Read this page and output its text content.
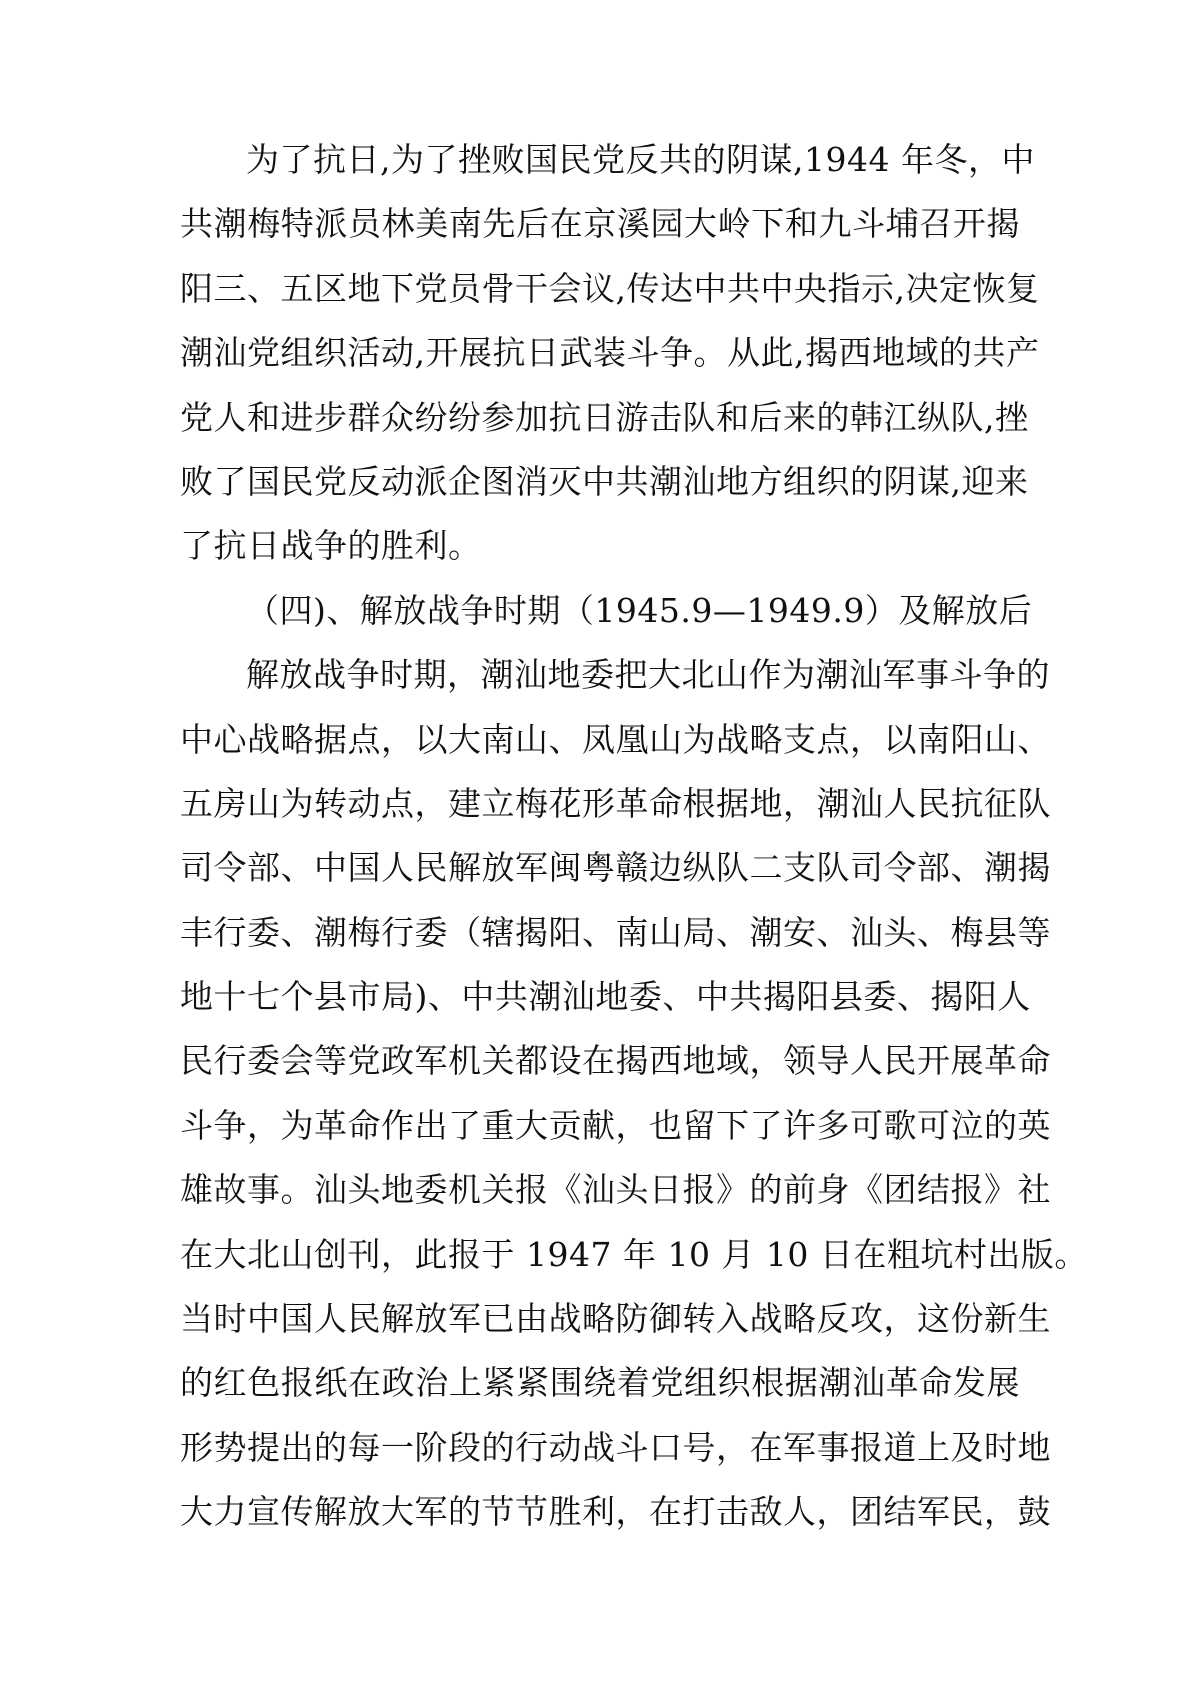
为了抗日,为了挫败国民党反共的阴谋,1944 年冬，中
共潮梅特派员林美南先后在京溪园大岭下和九斗埔召开揭
阳三、五区地下党员骨干会议,传达中共中央指示,决定恢复
潮汕党组织活动,开展抗日武装斗争。从此,揭西地域的共产
党人和进步群众纷纷参加抗日游击队和后来的韩江纵队,挫
败了国民党反动派企图消灭中共潮汕地方组织的阴谋,迎来
了抗日战争的胜利。
（四)、解放战争时期（1945.9—1949.9）及解放后
解放战争时期，潮汕地委把大北山作为潮汕军事斗争的
中心战略据点，以大南山、凤凰山为战略支点，以南阳山、
五房山为转动点，建立梅花形革命根据地，潮汕人民抗征队
司令部、中国人民解放军闽粤赣边纵队二支队司令部、潮揭
丰行委、潮梅行委（辖揭阳、南山局、潮安、汕头、梅县等
地十七个县市局)、中共潮汕地委、中共揭阳县委、揭阳人
民行委会等党政军机关都设在揭西地域，领导人民开展革命
斗争，为革命作出了重大贡献，也留下了许多可歌可泣的英
雄故事。汕头地委机关报《汕头日报》的前身《团结报》社
在大北山创刊，此报于 1947 年 10 月 10 日在粗坑村出版。
当时中国人民解放军已由战略防御转入战略反攻，这份新生
的红色报纸在政治上紧紧围绕着党组织根据潮汕革命发展
形势提出的每一阶段的行动战斗口号，在军事报道上及时地
大力宣传解放大军的节节胜利，在打击敌人，团结军民，鼓
